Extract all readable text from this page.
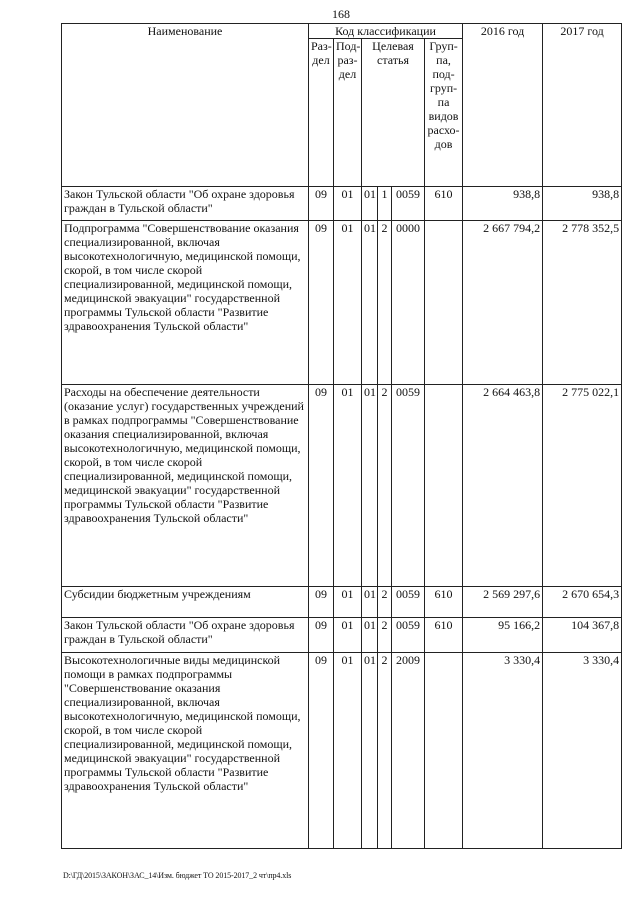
168
Наименование	Код классификации						2016 год	2017 год
	Раз-дел	Под-раз-дел	Целевая статья			Груп-па, под-груп-па видов расхо-дов		
Закон Тульской области "Об охране здоровья граждан в Тульской области"	09	01	01	1	0059	610	938,8	938,8
Подпрограмма "Совершенствование оказания специализированной, включая высокотехнологичную, медицинской помощи, скорой, в том числе скорой специализированной, медицинской помощи, медицинской эвакуации" государственной программы Тульской области "Развитие здравоохранения Тульской области"	09	01	01	2	0000		2 667 794,2	2 778 352,5
Расходы на обеспечение деятельности (оказание услуг) государственных учреждений в рамках подпрограммы "Совершенствование оказания специализированной, включая высокотехнологичную, медицинской помощи, скорой, в том числе скорой специализированной, медицинской помощи, медицинской эвакуации" государственной программы Тульской области "Развитие здравоохранения Тульской области"	09	01	01	2	0059		2 664 463,8	2 775 022,1
Субсидии бюджетным учреждениям	09	01	01	2	0059	610	2 569 297,6	2 670 654,3
Закон Тульской области "Об охране здоровья граждан в Тульской области"	09	01	01	2	0059	610	95 166,2	104 367,8
Высокотехнологичные виды медицинской помощи в рамках подпрограммы "Совершенствование оказания специализированной, включая высокотехнологичную, медицинской помощи, скорой, в том числе скорой специализированной, медицинской помощи, медицинской эвакуации" государственной программы Тульской области "Развитие здравоохранения Тульской области"	09	01	01	2	2009		3 330,4	3 330,4
D:\ГД\2015\ЗАКОН\ЗАС_14\Изм. бюджет ТО 2015-2017_2 чт\пр4.xls
